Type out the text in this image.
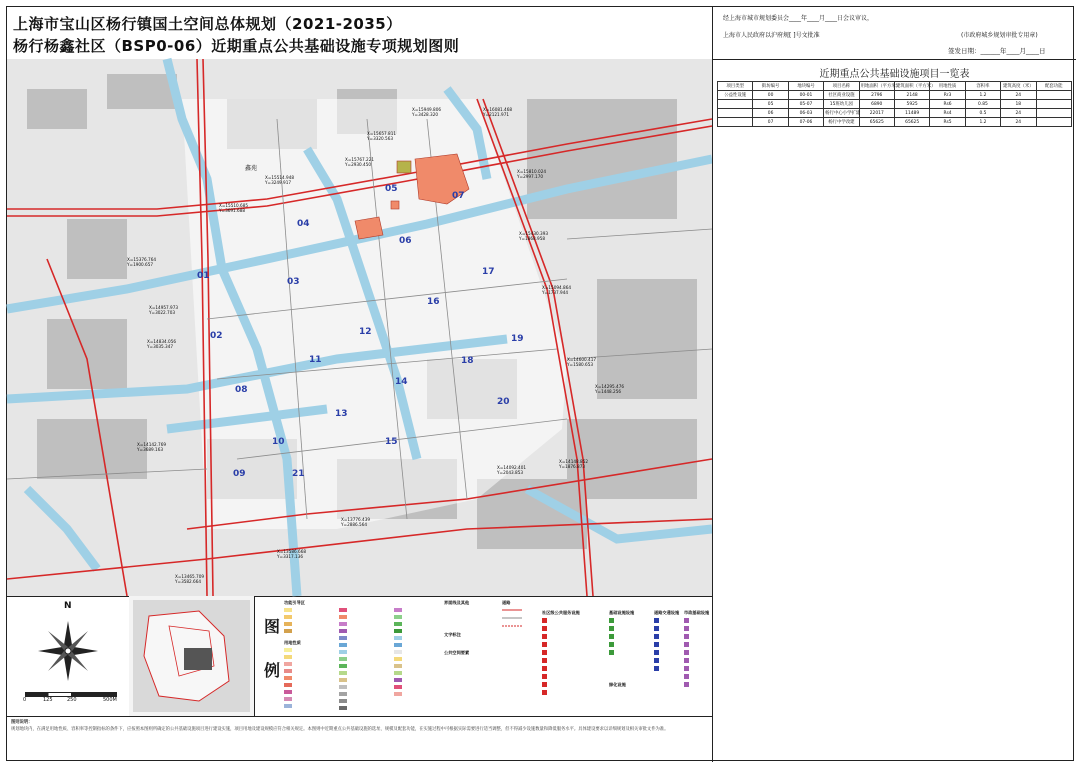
上海市宝山区杨行镇国土空间总体规划（2021-2035）
杨行杨鑫社区（BSP0-06）近期重点公共基础设施专项规划图则
经上海市城市规划委员会____年____月____日会议审议，
上海市人民政府以沪府规[ ]号文批准	(市政府城乡规划审批专用章)
签发日期：______年____月____日
01
02
03
04
05
06
07
08
09
10
11
12
13
14
15
16
17
18
19
20
21
X=15949.806
Y=3428.320
X=16081.468
Y=2121.971
X=15657.811
Y=3320.563
X=15767.221
Y=2930.450
X=15810.024
Y=2997.170
X=15514.948
Y=3249.917
X=15510.685
Y=3691.688
X=15430.393
Y=1868.958
X=15376.764
Y=1900.657
X=15094.864
Y=1737.944
X=14957.973
Y=3022.703
X=14834.056
Y=3035.347
X=14600.417
Y=1580.653
X=14295.476
Y=1448.256
X=14142.769
Y=3689.163
X=14092.401
Y=2043.853
X=14148.852
Y=1876.873
X=13776.439
Y=2886.564
X=13586.668
Y=3317.136
X=13465.709
Y=3582.664
鑫苑
近期重点公共基础设施项目一览表
项目类型	街坊编号	地块编号	项目名称	用地面积（平方米）	建筑面积（平方米）	用地性质	容积率	建筑高度（米）	配套功能
公益性设施	00	00-01	社区商业设施	2796	2148	Rr3	1.2	24	
	05	05-07	15班幼儿园	6890	5925	Rs6	0.85	18	
	06	06-03	杨行中心小学扩建	22017	11489	Rs4	0.5	24	
	07	07-06	杨行中学改建	65625	65625	Rs5	1.2	24	
N
0	125	250	500M
图
例
功能引导区
用地性质
界面线及其他
文字标注
公共空间要素
道路
社区级公共服务设施	基础设施设施
绿化设施
道路交通设施 市政基础设施
图则说明：
规划地块内，在满足用地性质、容积率等控制指标的条件下，应按照本图则所确定的公共基础设施项目进行建设实施，项目用地及建设规模应符合相关规定。本图则中近期重点公共基础设施的选址、规模及配套功能，在实施过程中可根据实际需要进行适当调整，但不得减少设施数量和降低服务水平。具体建设要求以详细规划及相关审批文件为准。
